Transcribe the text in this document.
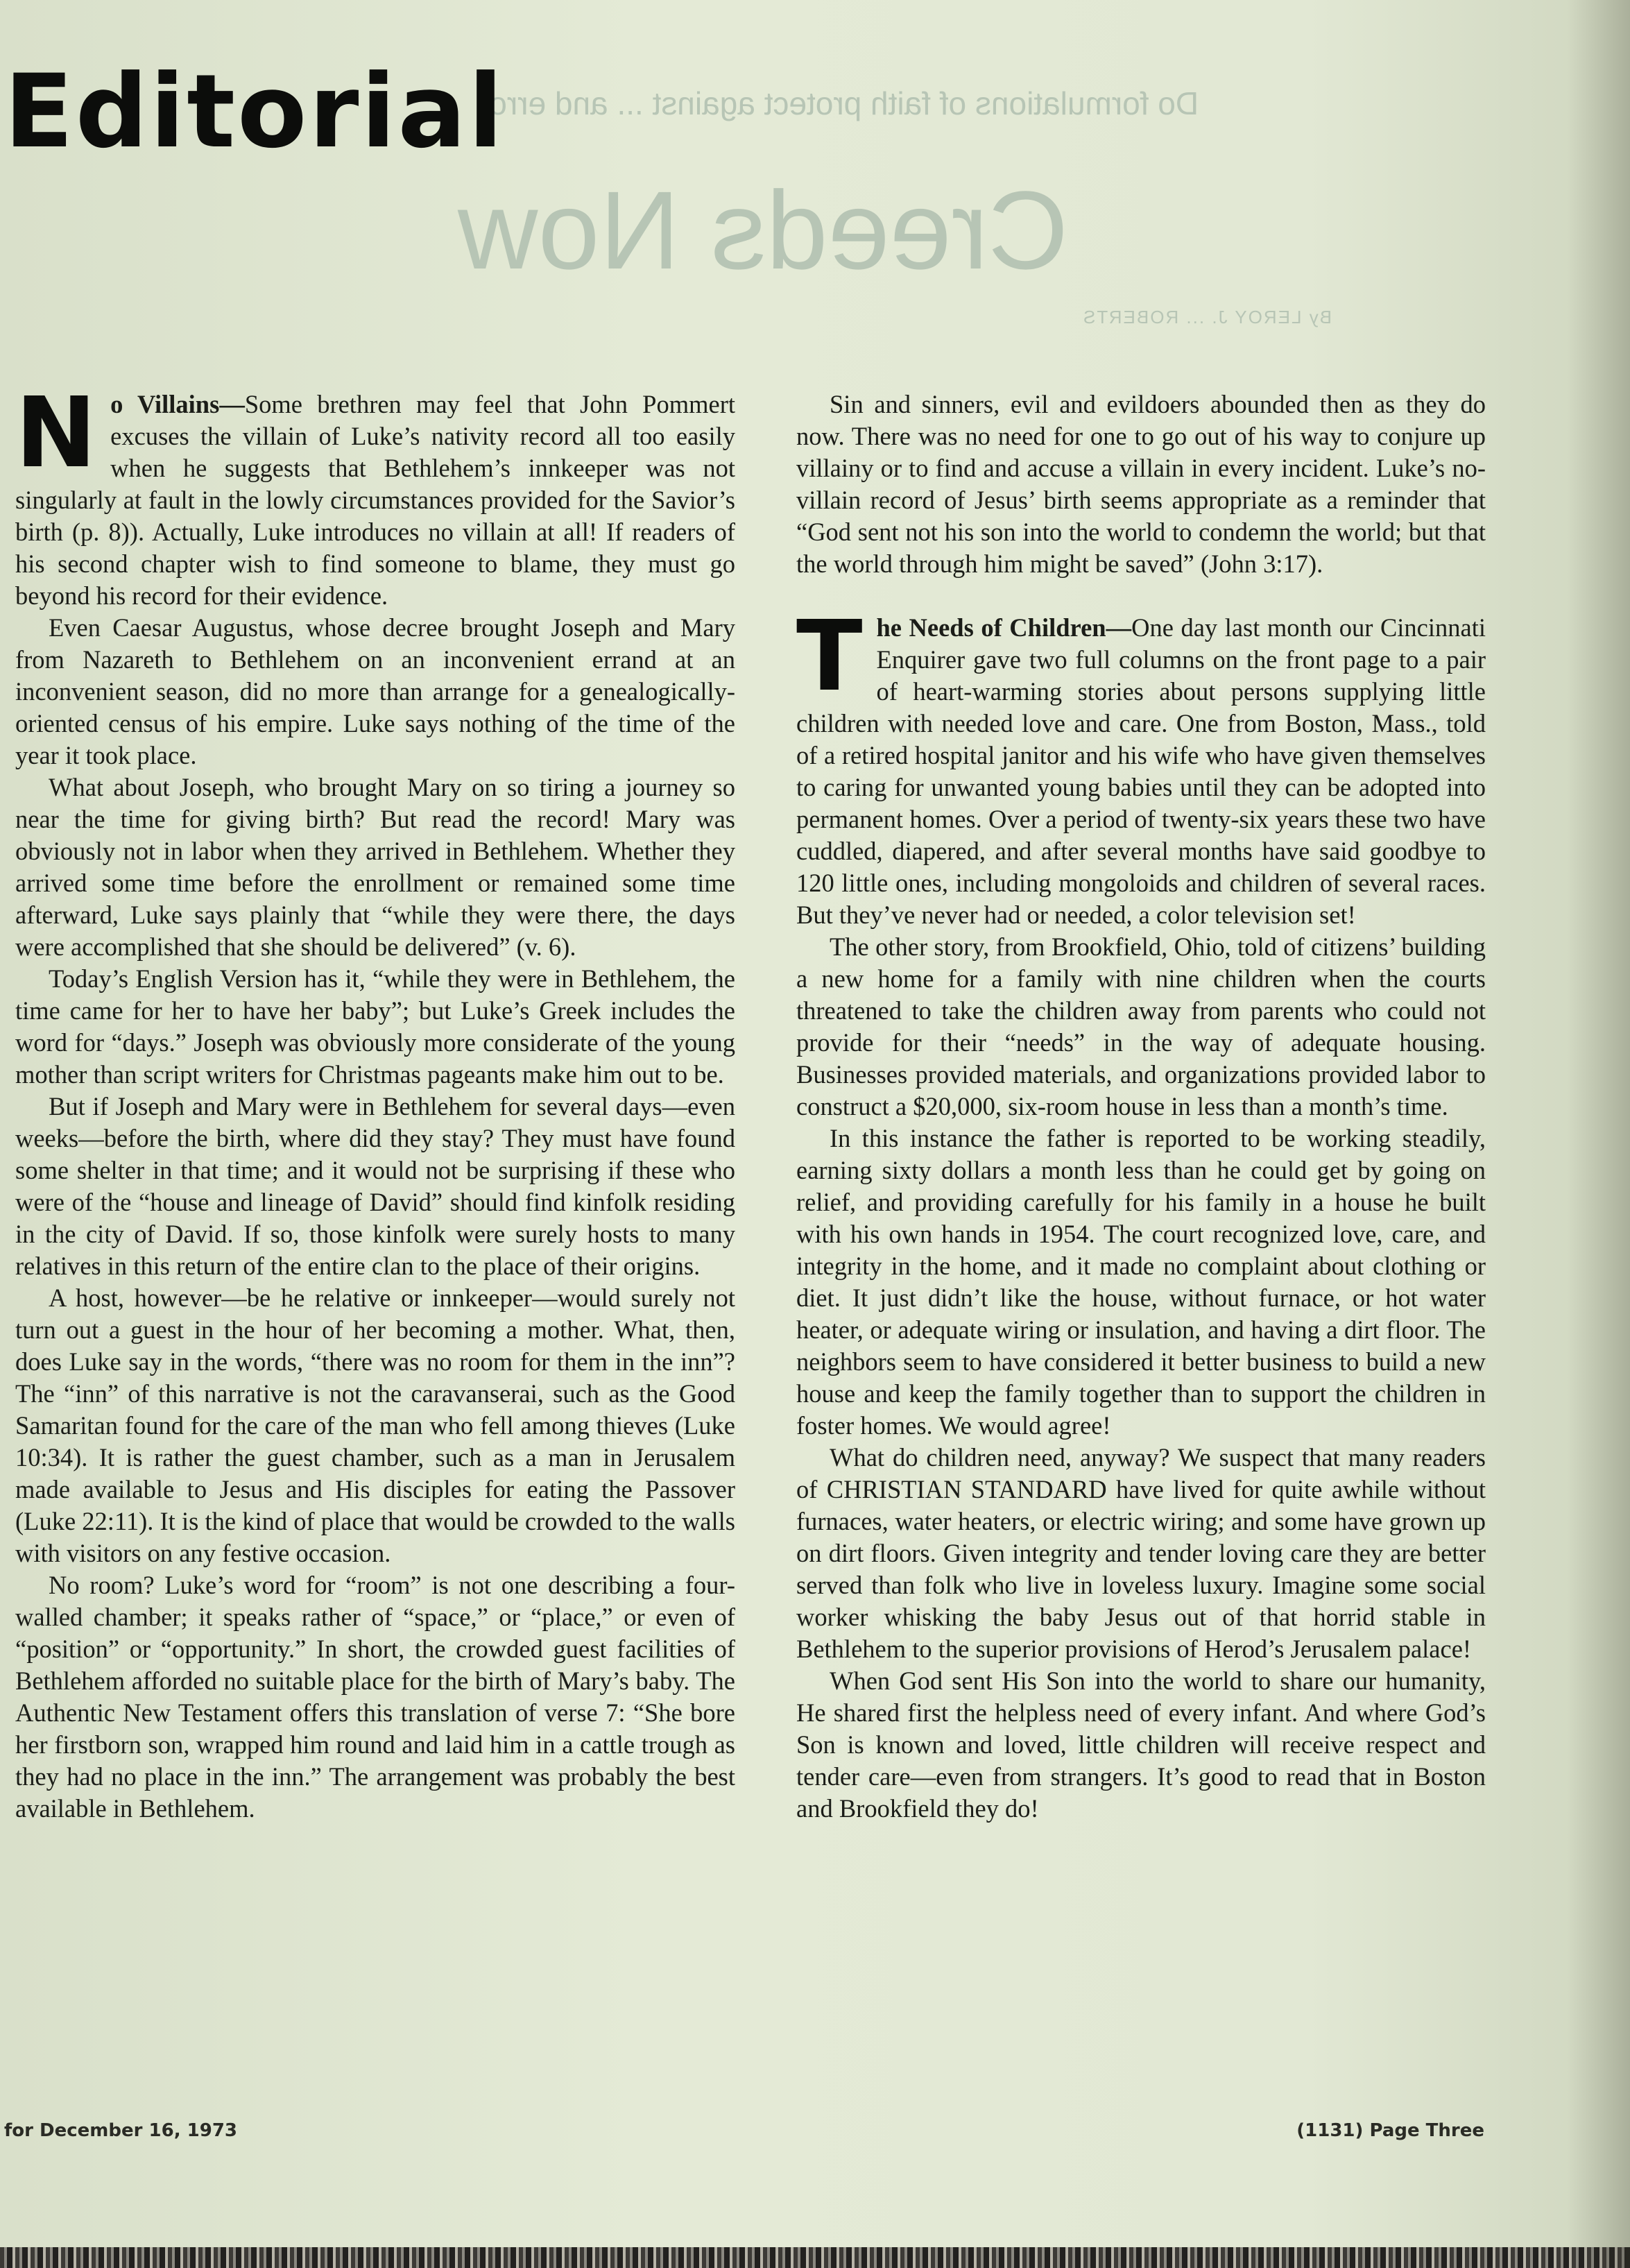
Do formulations of faith protect against ... and error
Creeds Now
By LEROY J. ... ROBERTS
Editorial

No Villains—Some brethren may feel that John Pommert excuses the villain of Luke’s nativity record all too easily when he suggests that Bethlehem’s innkeeper was not singularly at fault in the lowly circumstances provided for the Savior’s birth (p. 8)). Actually, Luke introduces no villain at all! If readers of his second chapter wish to find someone to blame, they must go beyond his record for their evidence.

Even Caesar Augustus, whose decree brought Joseph and Mary from Nazareth to Bethlehem on an inconvenient errand at an inconvenient season, did no more than arrange for a genealogically-oriented census of his empire. Luke says nothing of the time of the year it took place.

What about Joseph, who brought Mary on so tiring a journey so near the time for giving birth? But read the record! Mary was obviously not in labor when they arrived in Bethlehem. Whether they arrived some time before the enrollment or remained some time afterward, Luke says plainly that “while they were there, the days were accomplished that she should be delivered” (v. 6).

Today’s English Version has it, “while they were in Bethlehem, the time came for her to have her baby”; but Luke’s Greek includes the word for “days.” Joseph was obviously more considerate of the young mother than script writers for Christmas pageants make him out to be.

But if Joseph and Mary were in Bethlehem for several days—even weeks—before the birth, where did they stay? They must have found some shelter in that time; and it would not be surprising if these who were of the “house and lineage of David” should find kinfolk residing in the city of David. If so, those kinfolk were surely hosts to many relatives in this return of the entire clan to the place of their origins.

A host, however—be he relative or innkeeper—would surely not turn out a guest in the hour of her becoming a mother. What, then, does Luke say in the words, “there was no room for them in the inn”? The “inn” of this narrative is not the caravanserai, such as the Good Samaritan found for the care of the man who fell among thieves (Luke 10:34). It is rather the guest chamber, such as a man in Jerusalem made available to Jesus and His disciples for eating the Passover (Luke 22:11). It is the kind of place that would be crowded to the walls with visitors on any festive occasion.

No room? Luke’s word for “room” is not one describing a four-walled chamber; it speaks rather of “space,” or “place,” or even of “position” or “opportunity.” In short, the crowded guest facilities of Bethlehem afforded no suitable place for the birth of Mary’s baby. The Authentic New Testament offers this translation of verse 7: “She bore her firstborn son, wrapped him round and laid him in a cattle trough as they had no place in the inn.” The arrangement was probably the best available in Bethlehem.

Sin and sinners, evil and evildoers abounded then as they do now. There was no need for one to go out of his way to conjure up villainy or to find and accuse a villain in every incident. Luke’s no-villain record of Jesus’ birth seems appropriate as a reminder that “God sent not his son into the world to condemn the world; but that the world through him might be saved” (John 3:17).

The Needs of Children—One day last month our Cincinnati Enquirer gave two full columns on the front page to a pair of heart-warming stories about persons supplying little children with needed love and care. One from Boston, Mass., told of a retired hospital janitor and his wife who have given themselves to caring for unwanted young babies until they can be adopted into permanent homes. Over a period of twenty-six years these two have cuddled, diapered, and after several months have said goodbye to 120 little ones, including mongoloids and children of several races. But they’ve never had or needed, a color television set!

The other story, from Brookfield, Ohio, told of citizens’ building a new home for a family with nine children when the courts threatened to take the children away from parents who could not provide for their “needs” in the way of adequate housing. Businesses provided materials, and organizations provided labor to construct a $20,000, six-room house in less than a month’s time.

In this instance the father is reported to be working steadily, earning sixty dollars a month less than he could get by going on relief, and providing carefully for his family in a house he built with his own hands in 1954. The court recognized love, care, and integrity in the home, and it made no complaint about clothing or diet. It just didn’t like the house, without furnace, or hot water heater, or adequate wiring or insulation, and having a dirt floor. The neighbors seem to have considered it better business to build a new house and keep the family together than to support the children in foster homes. We would agree!

What do children need, anyway? We suspect that many readers of CHRISTIAN STANDARD have lived for quite awhile without furnaces, water heaters, or electric wiring; and some have grown up on dirt floors. Given integrity and tender loving care they are better served than folk who live in loveless luxury. Imagine some social worker whisking the baby Jesus out of that horrid stable in Bethlehem to the superior provisions of Herod’s Jerusalem palace!

When God sent His Son into the world to share our humanity, He shared first the helpless need of every infant. And where God’s Son is known and loved, little children will receive respect and tender care—even from strangers. It’s good to read that in Boston and Brookfield they do!

for December 16, 1973	(1131) Page Three
